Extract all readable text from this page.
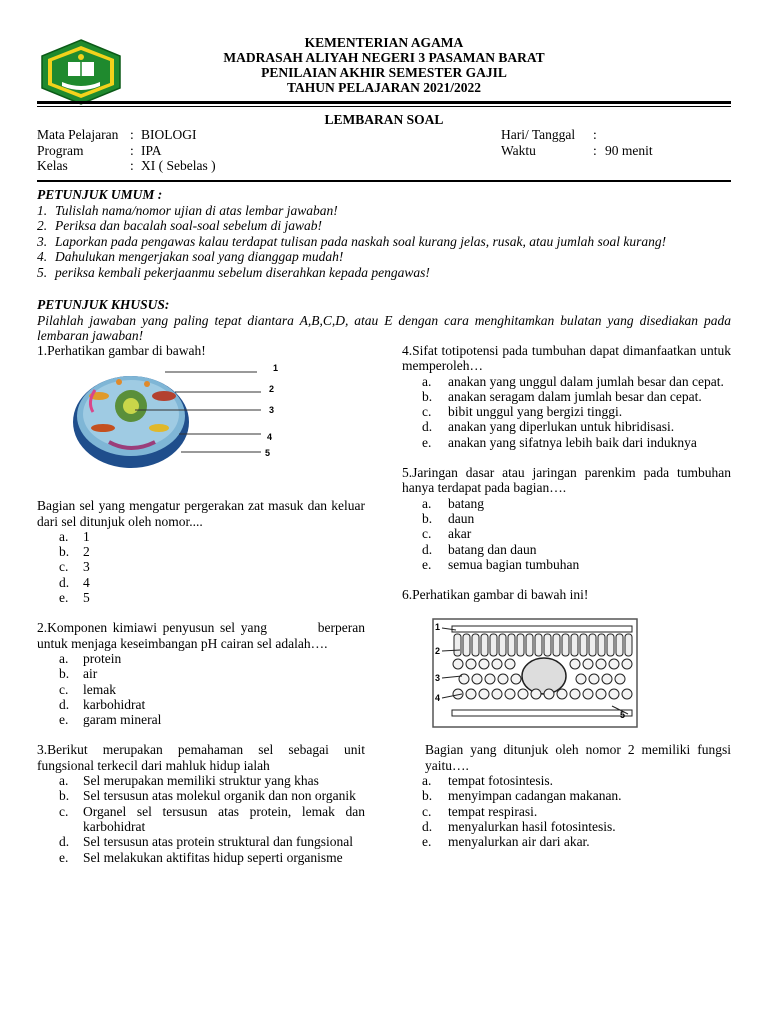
KEMENTERIAN AGAMA
MADRASAH ALIYAH NEGERI 3 PASAMAN BARAT
PENILAIAN AKHIR SEMESTER GAJIL
TAHUN PELAJARAN 2021/2022
LEMBARAN SOAL
Mata Pelajaran : BIOLOGI	Hari/ Tanggal :
Program	: IPA	Waktu	: 90 menit
Kelas	: XI ( Sebelas )
PETUNJUK UMUM :
1. Tulislah nama/nomor ujian di atas lembar jawaban!
2. Periksa dan bacalah soal-soal sebelum di jawab!
3. Laporkan pada pengawas kalau terdapat tulisan pada naskah soal kurang jelas, rusak, atau jumlah soal kurang!
4. Dahulukan mengerjakan soal yang dianggap mudah!
5. periksa kembali pekerjaanmu sebelum diserahkan kepada pengawas!
PETUNJUK KHUSUS:
Pilahlah jawaban yang paling tepat diantara A,B,C,D, atau E dengan cara menghitamkan bulatan yang disediakan pada lembaran jawaban!

1.Perhatikan gambar di bawah!

1
2
3
4
5

Bagian sel yang mengatur pergerakan zat masuk dan keluar dari sel ditunjuk oleh nomor....

a. 1
b. 2
c. 3
d. 4
e. 5

2.Komponen kimiawi penyusun sel yang         berperan untuk menjaga keseimbangan pH cairan sel adalah….

a. protein
b. air
c. lemak
d. karbohidrat
e. garam mineral

3.Berikut merupakan pemahaman sel sebagai unit fungsional terkecil dari mahluk hidup ialah

a. Sel merupakan memiliki struktur yang khas
b. Sel tersusun atas molekul organik dan non organik
c. Organel sel tersusun atas protein, lemak dan karbohidrat
d. Sel tersusun atas protein struktural dan fungsional
e. Sel melakukan aktifitas hidup seperti organisme

4.Sifat totipotensi pada tumbuhan dapat dimanfaatkan untuk memperoleh…

a. anakan yang unggul dalam jumlah besar dan cepat.
b. anakan seragam dalam jumlah besar dan cepat.
c. bibit unggul yang bergizi tinggi.
d. anakan yang diperlukan untuk hibridisasi.
e. anakan yang sifatnya lebih baik dari induknya

5.Jaringan dasar atau jaringan parenkim pada tumbuhan hanya terdapat pada bagian….

a. batang
b. daun
c. akar
d. batang dan daun
e. semua bagian tumbuhan

6.Perhatikan gambar di bawah ini!

1
2
3
4
5

Bagian yang ditunjuk oleh nomor 2 memiliki fungsi yaitu….

a. tempat fotosintesis.
b. menyimpan cadangan makanan.
c. tempat respirasi.
d. menyalurkan hasil fotosintesis.
e. menyalurkan air dari akar.
